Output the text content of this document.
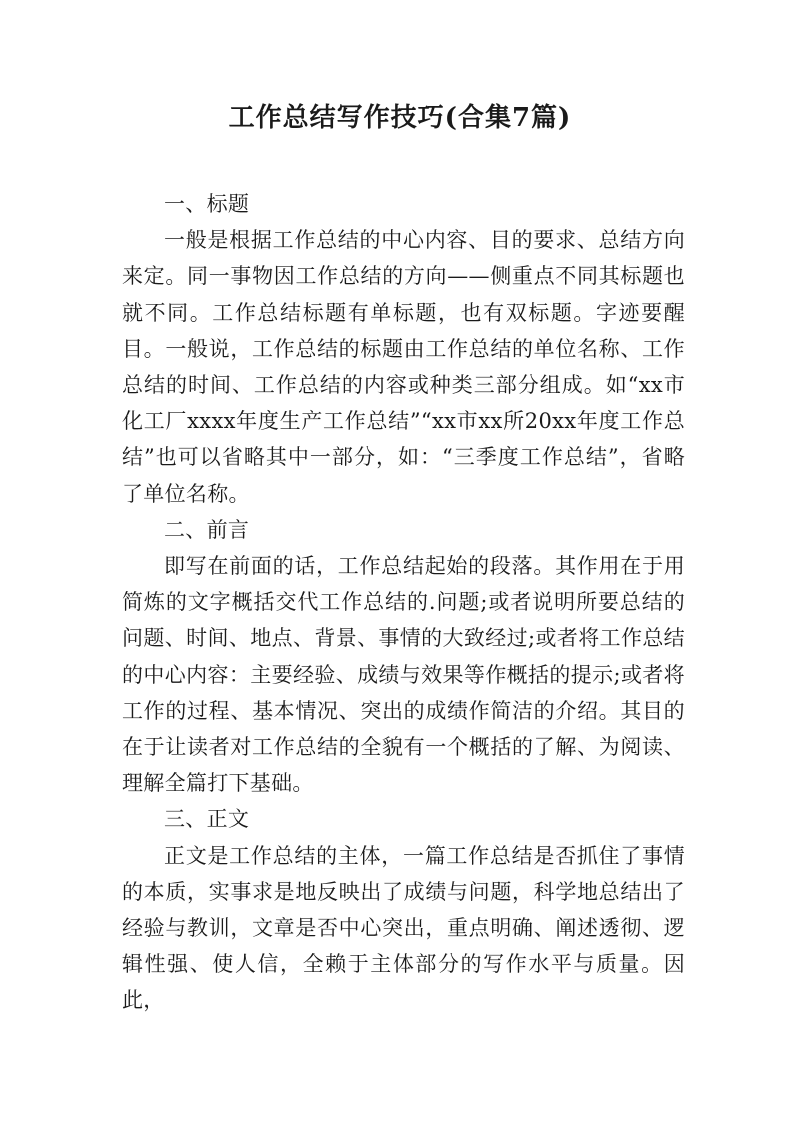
工作总结写作技巧(合集7篇)

一、标题

一般是根据工作总结的中心内容、目的要求、总结方向来定。同一事物因工作总结的方向——侧重点不同其标题也就不同。工作总结标题有单标题，也有双标题。字迹要醒目。一般说，工作总结的标题由工作总结的单位名称、工作总结的时间、工作总结的内容或种类三部分组成。如“xx市化工厂xxxx年度生产工作总结”“xx市xx所20xx年度工作总结”也可以省略其中一部分，如：“三季度工作总结”，省略了单位名称。

二、前言

即写在前面的话，工作总结起始的段落。其作用在于用简炼的文字概括交代工作总结的.问题;或者说明所要总结的问题、时间、地点、背景、事情的大致经过;或者将工作总结的中心内容：主要经验、成绩与效果等作概括的提示;或者将工作的过程、基本情况、突出的成绩作简洁的介绍。其目的在于让读者对工作总结的全貌有一个概括的了解、为阅读、理解全篇打下基础。

三、正文

正文是工作总结的主体，一篇工作总结是否抓住了事情的本质，实事求是地反映出了成绩与问题，科学地总结出了经验与教训，文章是否中心突出，重点明确、阐述透彻、逻辑性强、使人信，全赖于主体部分的写作水平与质量。因此，
